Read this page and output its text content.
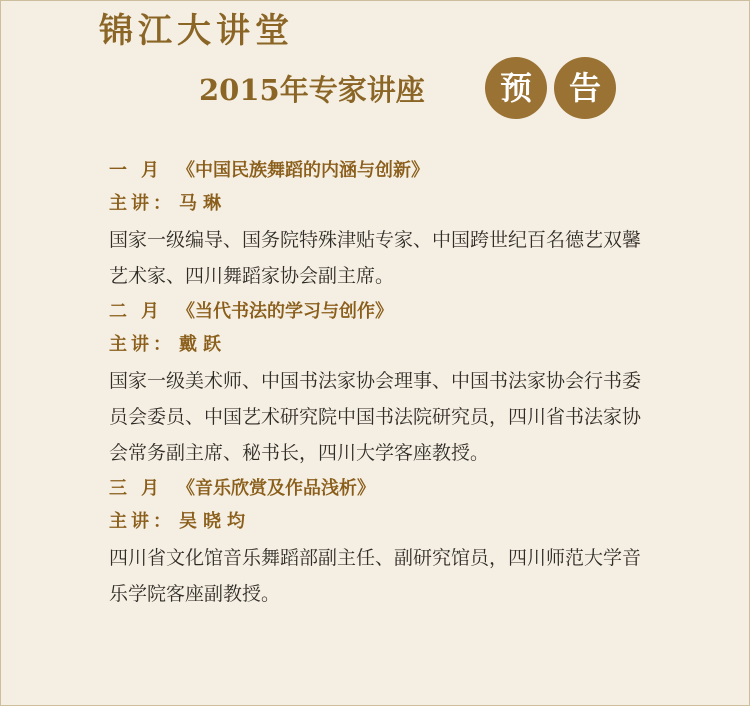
锦江大讲堂
2015年专家讲座	预	告
一月 《中国民族舞蹈的内涵与创新》
主讲： 马琳
国家一级编导、国务院特殊津贴专家、中国跨世纪百名德艺双馨艺术家、四川舞蹈家协会副主席。
二月 《当代书法的学习与创作》
主讲： 戴跃
国家一级美术师、中国书法家协会理事、中国书法家协会行书委员会委员、中国艺术研究院中国书法院研究员，四川省书法家协会常务副主席、秘书长，四川大学客座教授。
三月 《音乐欣赏及作品浅析》
主讲： 吴晓均
四川省文化馆音乐舞蹈部副主任、副研究馆员，四川师范大学音乐学院客座副教授。
